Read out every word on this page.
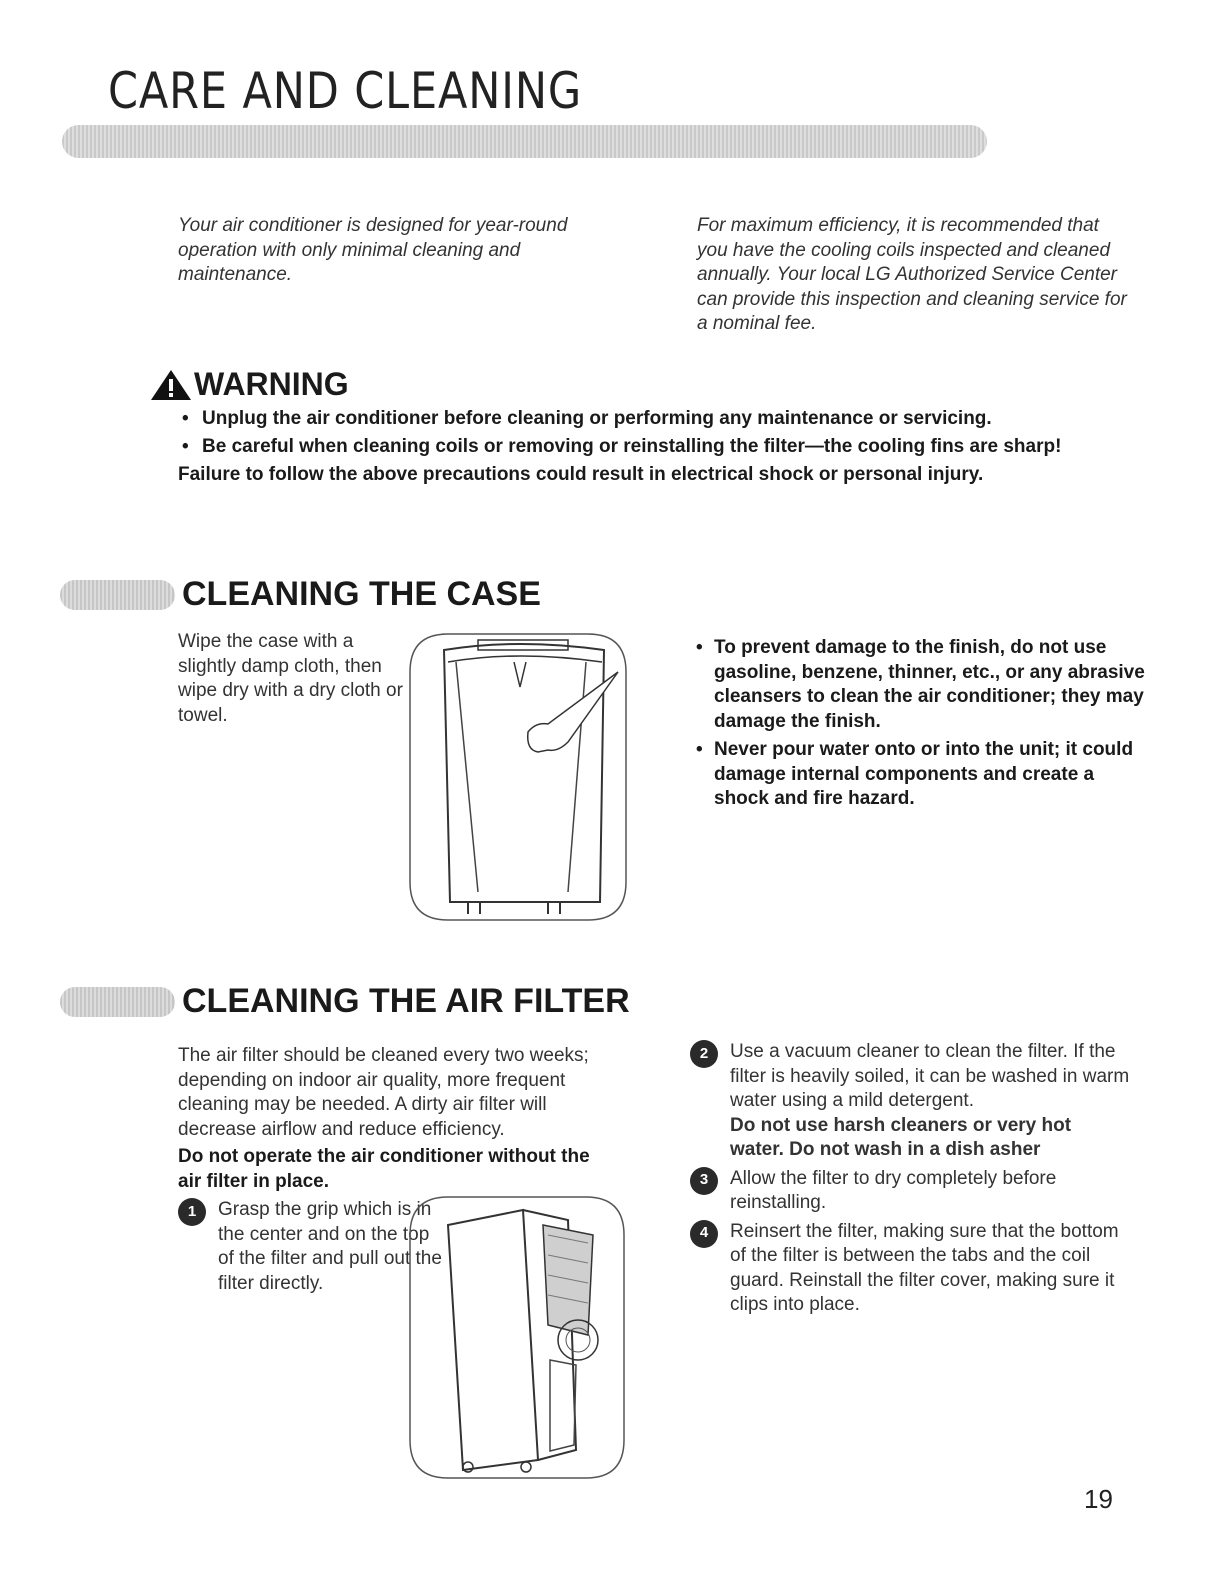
CARE AND CLEANING
Your air conditioner is designed for year-round operation with only minimal cleaning and maintenance.
For maximum efficiency, it is recommended that you have the cooling coils inspected and cleaned annually. Your local LG Authorized Service Center can provide this inspection and cleaning service for a nominal fee.
WARNING
• Unplug the air conditioner before cleaning or performing any maintenance or servicing.
• Be careful when cleaning coils or removing or reinstalling the filter—the cooling fins are sharp!
Failure to follow the above precautions could result in electrical shock or personal injury.
CLEANING THE CASE
Wipe the case with a slightly damp cloth, then wipe dry with a dry cloth or towel.
• To prevent damage to the finish, do not use gasoline, benzene, thinner, etc., or any abrasive cleansers to clean the air conditioner; they may damage the finish.
• Never pour water onto or into the unit; it could damage internal components and create a shock and fire hazard.
CLEANING THE AIR FILTER
The air filter should be cleaned every two weeks; depending on indoor air quality, more frequent cleaning may be needed. A dirty air filter will decrease airflow and reduce efficiency.
Do not operate the air conditioner without the air filter in place.
1	Grasp the grip which is in the center and on the top of the filter and pull out the filter directly.
2	Use a vacuum cleaner to clean the filter. If the filter is heavily soiled, it can be washed in warm water using a mild detergent.
Do not use harsh cleaners or very hot water. Do not wash in a dish asher
3	Allow the filter to dry completely before reinstalling.
4	Reinsert the filter, making sure that the bottom of the filter is between the tabs and the coil guard. Reinstall the filter cover, making sure it clips into place.
19
